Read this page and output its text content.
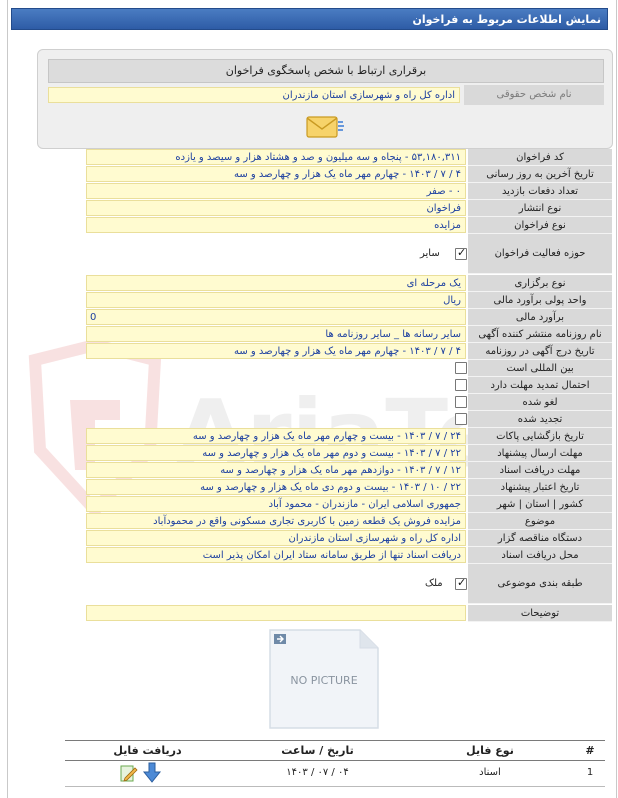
نمایش اطلاعات مربوط به فراخوان
برقراری ارتباط با شخص پاسخگوی فراخوان
نام شخص حقوقی
اداره کل راه و شهرسازی استان مازندران
کد فراخوان
۵۳,۱۸۰,۳۱۱ - پنجاه و سه میلیون و صد و هشتاد هزار و سیصد و یازده
تاریخ آخرین به روز رسانی
۴ / ۷ / ۱۴۰۳ - چهارم مهر ماه یک هزار و چهارصد و سه
تعداد دفعات بازدید
۰ - صفر
نوع انتشار
فراخوان
نوع فراخوان
مزایده
حوزه فعالیت فراخوان
✓
سایر
نوع برگزاری
یک مرحله ای
واحد پولی برآورد مالی
ریال
برآورد مالی
0
نام روزنامه منتشر کننده آگهی
سایر رسانه ها _ سایر روزنامه ها
تاریخ درج آگهی در روزنامه
۴ / ۷ / ۱۴۰۳ - چهارم مهر ماه یک هزار و چهارصد و سه
بین المللی است
احتمال تمدید مهلت دارد
لغو شده
تجدید شده
تاریخ بازگشایی پاکات
۲۴ / ۷ / ۱۴۰۳ - بیست و چهارم مهر ماه یک هزار و چهارصد و سه
مهلت ارسال پیشنهاد
۲۲ / ۷ / ۱۴۰۳ - بیست و دوم مهر ماه یک هزار و چهارصد و سه
مهلت دریافت اسناد
۱۲ / ۷ / ۱۴۰۳ - دوازدهم مهر ماه یک هزار و چهارصد و سه
تاریخ اعتبار پیشنهاد
۲۲ / ۱۰ / ۱۴۰۳ - بیست و دوم دی ماه یک هزار و چهارصد و سه
کشور | استان | شهر
جمهوری اسلامی ایران - مازندران - محمود آباد
موضوع
مزایده فروش یک قطعه زمین با کاربری تجاری مسکونی واقع در محمودآباد
دستگاه مناقصه گزار
اداره کل راه و شهرسازی استان مازندران
محل دریافت اسناد
دریافت اسناد تنها از طریق سامانه ستاد ایران امکان پذیر است
طبقه بندی موضوعی
✓
ملک
توضیحات
NO PICTURE
#
نوع فایل
تاریخ / ساعت
دریافت فایل
1
اسناد
۱۴۰۳ / ۰۷ / ۰۴
